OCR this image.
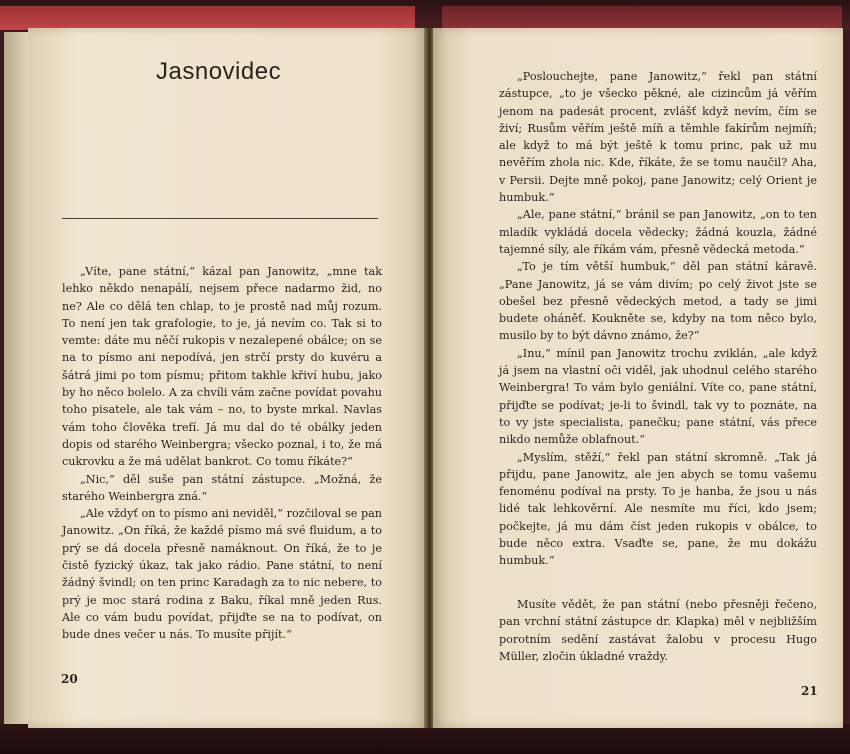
Jasnovidec

„Víte, pane státní,“ kázal pan Janowitz, „mne tak lehko někdo nenapálí, nejsem přece nadarmo žid, no ne? Ale co dělá ten chlap, to je prostě nad můj rozum. To není jen tak grafologie, to je, já nevím co. Tak si to vemte: dáte mu něčí rukopis v nezalepené obálce; on se na to písmo ani nepodívá, jen strčí prsty do kuvéru a šátrá jimi po tom písmu; přitom takhle křiví hubu, jako by ho něco bolelo. A za chvíli vám začne povídat povahu toho pisatele, ale tak vám – no, to byste mrkal. Navlas vám toho člověka trefí. Já mu dal do té obálky jeden dopis od starého Weinbergra; všecko poznal, i to, že má cukrovku a že má udělat bankrot. Co tomu říkáte?“

„Nic,“ děl suše pan státní zástupce. „Možná, že starého Weinbergra zná.“

„Ale vždyť on to písmo ani neviděl,“ rozčiloval se pan Janowitz. „On říká, že každé písmo má své fluidum, a to prý se dá docela přesně namáknout. On říká, že to je čistě fyzický úkaz, tak jako rádio. Pane státní, to není žádný švindl; on ten princ Karadagh za to nic nebere, to prý je moc stará rodina z Baku, říkal mně jeden Rus. Ale co vám budu povídat, přijďte se na to podívat, on bude dnes večer u nás. To musíte přijít.“

20

„Poslouchejte, pane Janowitz,“ řekl pan státní zástupce, „to je všecko pěkné, ale cizincům já věřím jenom na padesát procent, zvlášť když nevím, čím se živí; Rusům věřím ještě míň a těmhle fakírům nejmíň; ale když to má být ještě k tomu princ, pak už mu nevěřím zhola nic. Kde, říkáte, že se tomu naučil? Aha, v Persii. Dejte mně pokoj, pane Janowitz; celý Orient je humbuk.“

„Ale, pane státní,“ bránil se pan Janowitz, „on to ten mladík vykládá docela vědecky; žádná kouzla, žádné tajemné síly, ale říkám vám, přesně vědecká metoda.“

„To je tím větší humbuk,“ děl pan státní káravě. „Pane Janowitz, já se vám divím; po celý život jste se obešel bez přesně vědeckých metod, a tady se jimi budete oháněť. Koukněte se, kdyby na tom něco bylo, musilo by to být dávno známo, že?“

„Inu,“ mínil pan Janowitz trochu zviklán, „ale když já jsem na vlastní oči viděl, jak uhodnul celého starého Weinbergra! To vám bylo geniální. Víte co, pane státní, přijďte se podívat; je-li to švindl, tak vy to poznáte, na to vy jste specialista, panečku; pane státní, vás přece nikdo nemůže oblafnout.“

„Myslím, stěží,“ řekl pan státní skromně. „Tak já přijdu, pane Janowitz, ale jen abych se tomu vašemu fenoménu podíval na prsty. To je hanba, že jsou u nás lidé tak lehkověrní. Ale nesmíte mu říci, kdo jsem; počkejte, já mu dám číst jeden rukopis v obálce, to bude něco extra. Vsaďte se, pane, že mu dokážu humbuk.“

Musíte vědět, že pan státní (nebo přesněji řečeno, pan vrchní státní zástupce dr. Klapka) měl v nejbližším porotním sedění zastávat žalobu v procesu Hugo Müller, zločin úkladné vraždy.

21
